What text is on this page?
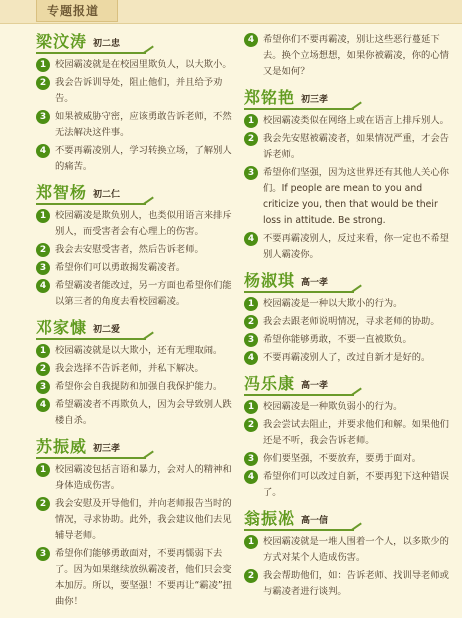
专题报道
梁汶涛 初二忠
1 校园霸凌就是在校园里欺负人，以大欺小。
2 我会告诉训导处，阻止他们，并且给予劝告。
3 如果被威胁守密，应该勇敢告诉老师，不然无法解决这件事。
4 不要再霸凌别人，学习转换立场，了解别人的痛苦。
郑智杨 初二仁
1 校园霸凌是欺负别人，也类似用语言来排斥别人，而受害者会有心理上的伤害。
2 我会去安慰受害者，然后告诉老师。
3 希望你们可以勇敢揭发霸凌者。
4 希望霸凌者能改过，另一方面也希望你们能以第三者的角度去看校园霸凌。
邓家慷 初二爱
1 校园霸凌就是以大欺小，还有无理取闹。
2 我会选择不告诉老师，并私下解决。
3 希望你会自我提防和加强自我保护能力。
4 希望霸凌者不再欺负人，因为会导致别人跌楼自杀。
苏振威 初三孝
1 校园霸凌包括言语和暴力，会对人的精神和身体造成伤害。
2 我会安慰及开导他们，并向老师报告当时的情况，寻求协助。此外，我会建议他们去见辅导老师。
3 希望你们能够勇敢面对，不要再懦弱下去了。因为如果继续放纵霸凌者，他们只会变本加厉。所以，要坚强！不要再让“霸凌”扭曲你！
4 希望你们不要再霸凌，别让这些恶行蔓延下去。换个立场想想，如果你被霸凌，你的心情又是如何？
郑铭艳 初三孝
1 校园霸凌类似在网络上或在语言上排斥别人。
2 我会先安慰被霸凌者，如果情况严重，才会告诉老师。
3 希望你们坚强，因为这世界还有其他人关心你们。If people are mean to you and criticize you, then that would be their loss in attitude. Be strong.
4 不要再霸凌别人，反过来看，你一定也不希望别人霸凌你。
杨淑琪 高一孝
1 校园霸凌是一种以大欺小的行为。
2 我会去跟老师说明情况，寻求老师的协助。
3 希望你能够勇敢，不要一直被欺负。
4 不要再霸凌别人了，改过自新才是好的。
冯乐康 高一孝
1 校园霸凌是一种欺负弱小的行为。
2 我会尝试去阻止，并要求他们和解。如果他们还是不听，我会告诉老师。
3 你们要坚强，不要放弃，要勇于面对。
4 希望你们可以改过自新，不要再犯下这种错误了。
翁振凇 高一信
1 校园霸凌就是一堆人围着一个人，以多欺少的方式对某个人造成伤害。
2 我会帮助他们，如：告诉老师、找训导老师或与霸凌者进行谈判。
